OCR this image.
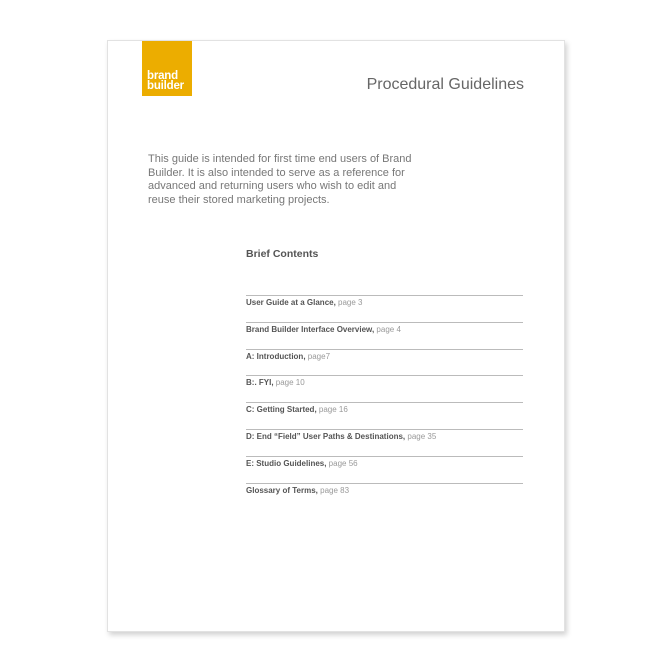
brand
builder	Procedural Guidelines
This guide is intended for first time end users of Brand Builder. It is also intended to serve as a reference for advanced and returning users who wish to edit and reuse their stored marketing projects.
Brief Contents
User Guide at a Glance, page 3
Brand Builder Interface Overview, page 4
A: Introduction, page7
B:. FYI, page 10
C: Getting Started, page 16
D: End “Field” User Paths & Destinations, page 35
E: Studio Guidelines, page 56
Glossary of Terms, page 83
